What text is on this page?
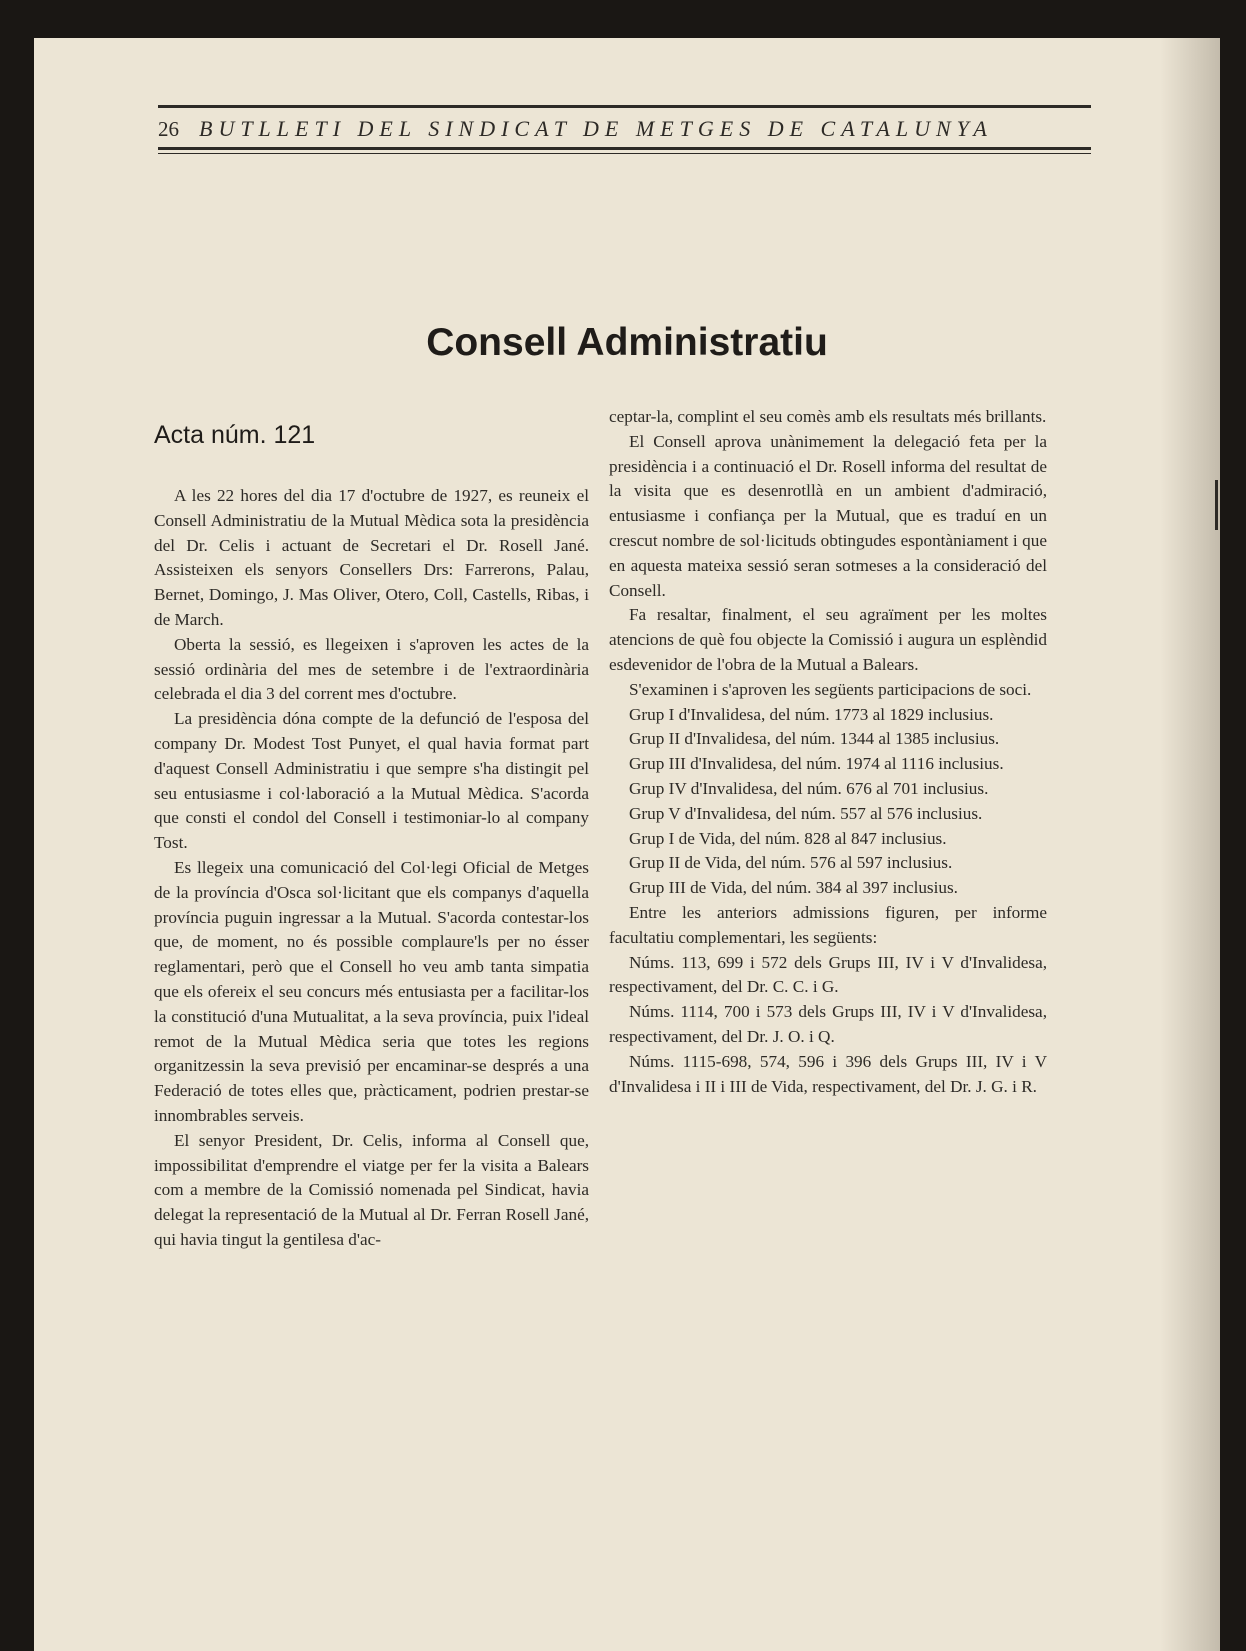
26 BUTLLETI DEL SINDICAT DE METGES DE CATALUNYA
Consell Administratiu
Acta núm. 121

A les 22 hores del dia 17 d'octubre de 1927, es reuneix el Consell Administratiu de la Mutual Mèdica sota la presidència del Dr. Celis i actuant de Secretari el Dr. Rosell Jané. Assisteixen els senyors Consellers Drs: Farrerons, Palau, Bernet, Domingo, J. Mas Oliver, Otero, Coll, Castells, Ribas, i de March.

Oberta la sessió, es llegeixen i s'aproven les actes de la sessió ordinària del mes de setembre i de l'extraordinària celebrada el dia 3 del corrent mes d'octubre.

La presidència dóna compte de la defunció de l'esposa del company Dr. Modest Tost Punyet, el qual havia format part d'aquest Consell Administratiu i que sempre s'ha distingit pel seu entusiasme i col·laboració a la Mutual Mèdica. S'acorda que consti el condol del Consell i testimoniar-lo al company Tost.

Es llegeix una comunicació del Col·legi Oficial de Metges de la província d'Osca sol·licitant que els companys d'aquella província puguin ingressar a la Mutual. S'acorda contestar-los que, de moment, no és possible complaure'ls per no ésser reglamentari, però que el Consell ho veu amb tanta simpatia que els ofereix el seu concurs més entusiasta per a facilitar-los la constitució d'una Mutualitat, a la seva província, puix l'ideal remot de la Mutual Mèdica seria que totes les regions organitzessin la seva previsió per encaminar-se després a una Federació de totes elles que, pràcticament, podrien prestar-se innombrables serveis.

El senyor President, Dr. Celis, informa al Consell que, impossibilitat d'emprendre el viatge per fer la visita a Balears com a membre de la Comissió nomenada pel Sindicat, havia delegat la representació de la Mutual al Dr. Ferran Rosell Jané, qui havia tingut la gentilesa d'ac-

ceptar-la, complint el seu comès amb els resultats més brillants.

El Consell aprova unànimement la delegació feta per la presidència i a continuació el Dr. Rosell informa del resultat de la visita que es desenrotllà en un ambient d'admiració, entusiasme i confiança per la Mutual, que es traduí en un crescut nombre de sol·licituds obtingudes espontàniament i que en aquesta mateixa sessió seran sotmeses a la consideració del Consell.

Fa resaltar, finalment, el seu agraïment per les moltes atencions de què fou objecte la Comissió i augura un esplèndid esdevenidor de l'obra de la Mutual a Balears.

S'examinen i s'aproven les següents participacions de soci.

Grup I d'Invalidesa, del núm. 1773 al 1829 inclusius.

Grup II d'Invalidesa, del núm. 1344 al 1385 inclusius.

Grup III d'Invalidesa, del núm. 1974 al 1116 inclusius.

Grup IV d'Invalidesa, del núm. 676 al 701 inclusius.

Grup V d'Invalidesa, del núm. 557 al 576 inclusius.

Grup I de Vida, del núm. 828 al 847 inclusius.

Grup II de Vida, del núm. 576 al 597 inclusius.

Grup III de Vida, del núm. 384 al 397 inclusius.

Entre les anteriors admissions figuren, per informe facultatiu complementari, les següents:

Núms. 113, 699 i 572 dels Grups III, IV i V d'Invalidesa, respectivament, del Dr. C. C. i G.

Núms. 1114, 700 i 573 dels Grups III, IV i V d'Invalidesa, respectivament, del Dr. J. O. i Q.

Núms. 1115-698, 574, 596 i 396 dels Grups III, IV i V d'Invalidesa i II i III de Vida, respectivament, del Dr. J. G. i R.
